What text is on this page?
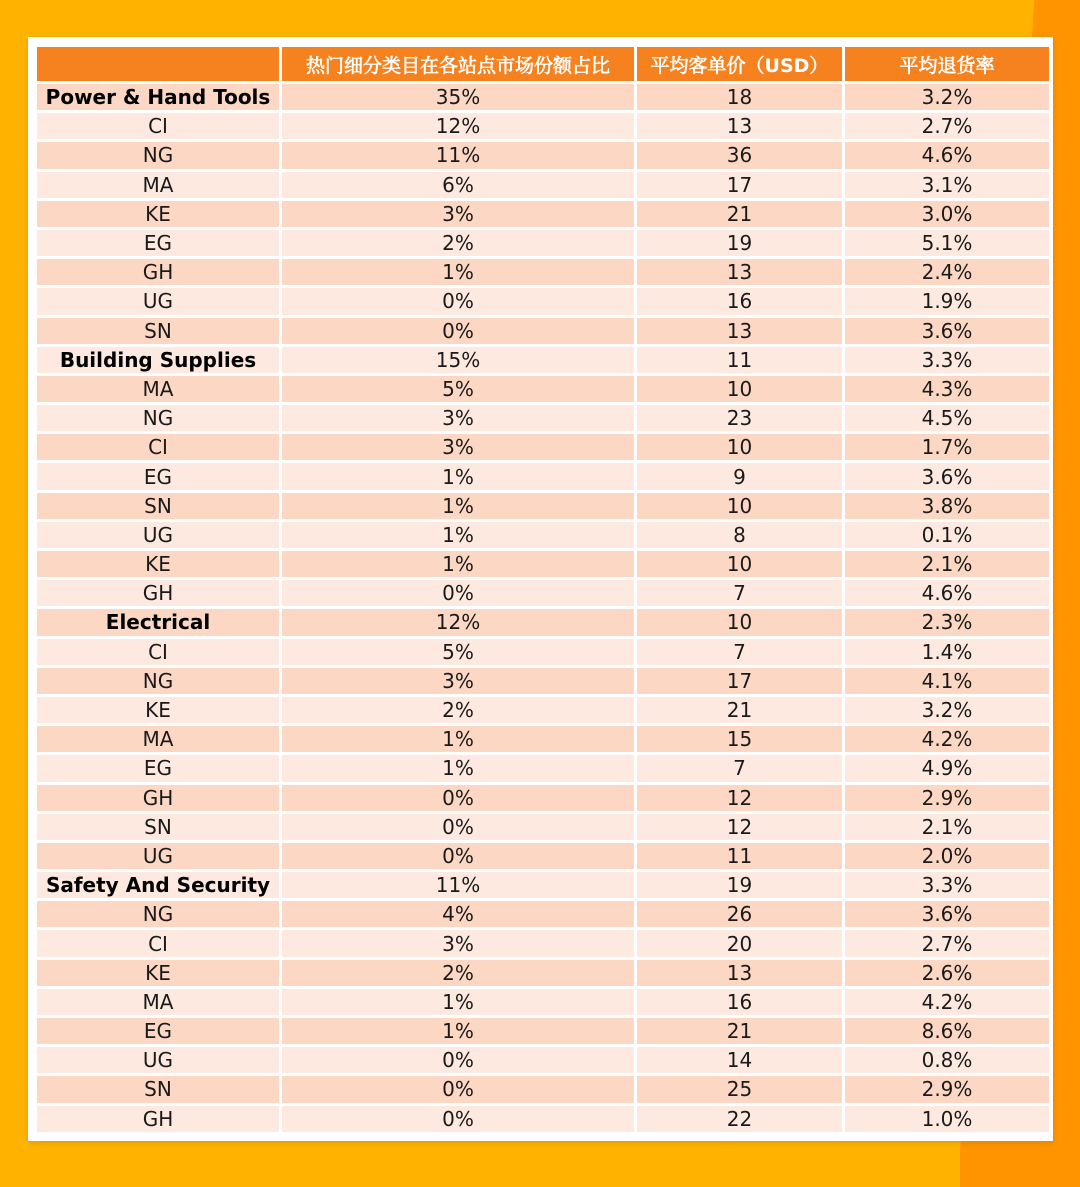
	热门细分类目在各站点市场份额占比	平均客单价（USD）	平均退货率
Power & Hand Tools	35%	18	3.2%
CI	12%	13	2.7%
NG	11%	36	4.6%
MA	6%	17	3.1%
KE	3%	21	3.0%
EG	2%	19	5.1%
GH	1%	13	2.4%
UG	0%	16	1.9%
SN	0%	13	3.6%
Building Supplies	15%	11	3.3%
MA	5%	10	4.3%
NG	3%	23	4.5%
CI	3%	10	1.7%
EG	1%	9	3.6%
SN	1%	10	3.8%
UG	1%	8	0.1%
KE	1%	10	2.1%
GH	0%	7	4.6%
Electrical	12%	10	2.3%
CI	5%	7	1.4%
NG	3%	17	4.1%
KE	2%	21	3.2%
MA	1%	15	4.2%
EG	1%	7	4.9%
GH	0%	12	2.9%
SN	0%	12	2.1%
UG	0%	11	2.0%
Safety And Security	11%	19	3.3%
NG	4%	26	3.6%
CI	3%	20	2.7%
KE	2%	13	2.6%
MA	1%	16	4.2%
EG	1%	21	8.6%
UG	0%	14	0.8%
SN	0%	25	2.9%
GH	0%	22	1.0%
